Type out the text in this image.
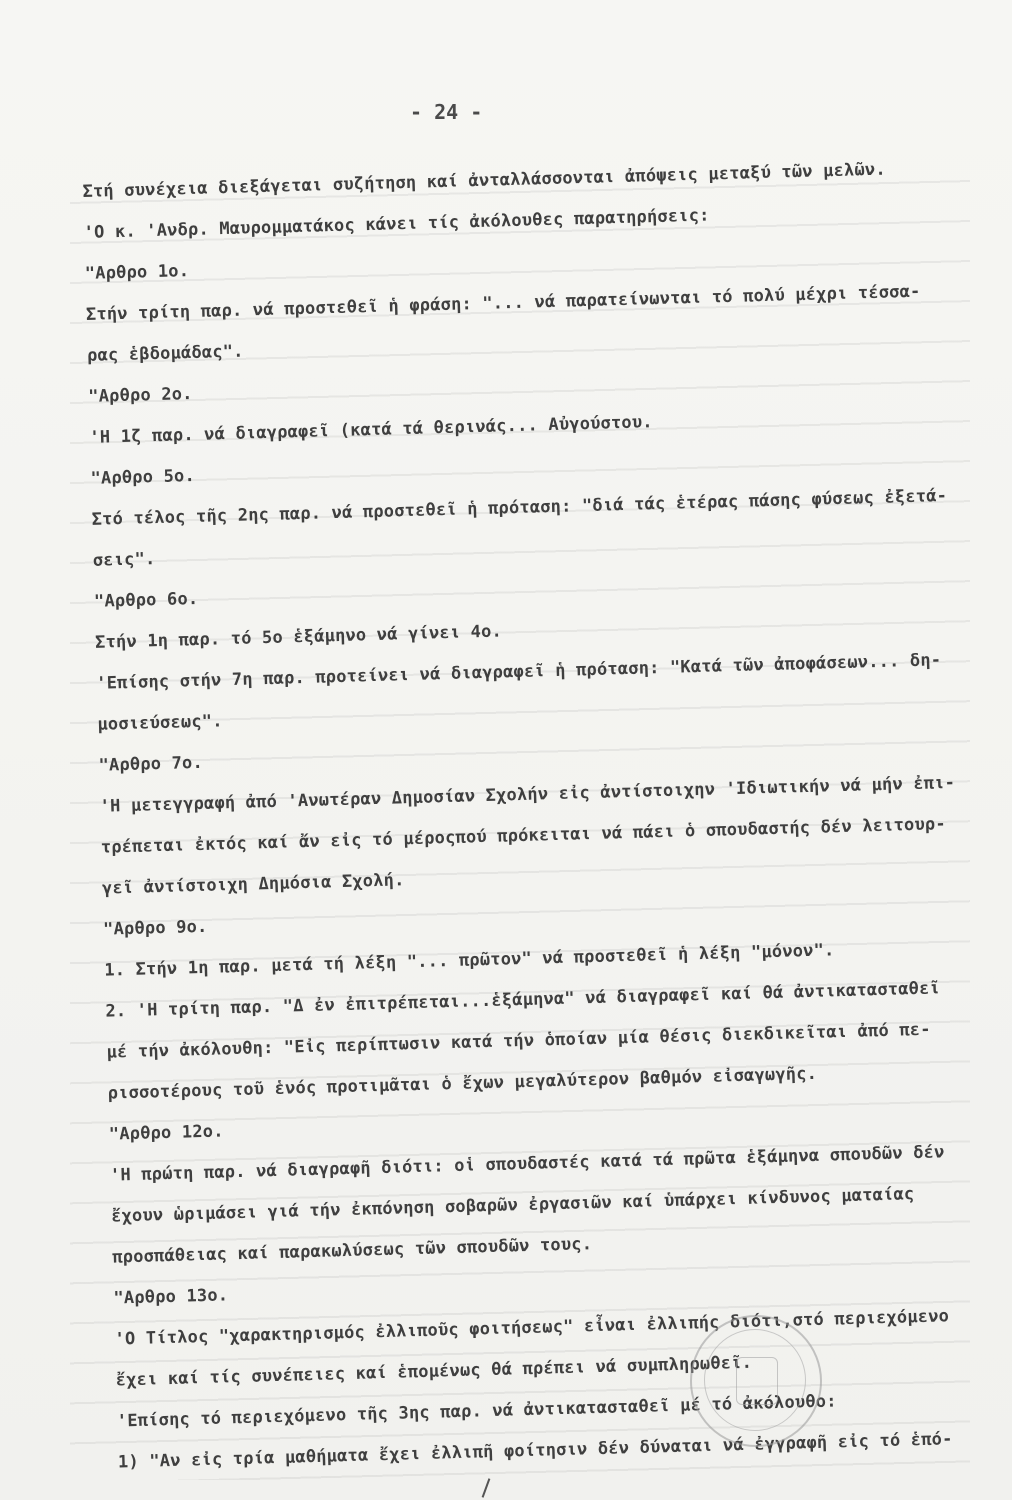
- 24 -
Στή συνέχεια διεξάγεται συζήτηση καί ἀνταλλάσσονται ἀπόψεις μεταξύ τῶν μελῶν.
'Ο κ. 'Ανδρ. Μαυρομματάκος κάνει τίς ἀκόλουθες παρατηρήσεις:
"Αρθρο 1ο.
Στήν τρίτη παρ. νά προστεθεῖ ἡ φράση: "... νά παρατείνωνται τό πολύ μέχρι τέσσα-
ρας ἑβδομάδας".
"Αρθρο 2ο.
'Η 1ζ παρ. νά διαγραφεῖ (κατά τά θερινάς... Αὐγούστου.
"Αρθρο 5ο.
Στό τέλος τῆς 2ης παρ. νά προστεθεῖ ἡ πρόταση: "διά τάς ἑτέρας πάσης φύσεως ἐξετά-
σεις".
"Αρθρο 6ο.
Στήν 1η παρ. τό 5ο ἑξάμηνο νά γίνει 4ο.
'Επίσης στήν 7η παρ. προτείνει νά διαγραφεῖ ἡ πρόταση: "Κατά τῶν ἀποφάσεων... δη-
μοσιεύσεως".
"Αρθρο 7ο.
'Η μετεγγραφή ἀπό 'Ανωτέραν Δημοσίαν Σχολήν εἰς ἀντίστοιχην 'Ιδιωτικήν νά μήν ἐπι-
τρέπεται ἐκτός καί ἄν εἰς τό μέροςπού πρόκειται νά πάει ὁ σπουδαστής δέν λειτουρ-
γεῖ ἀντίστοιχη Δημόσια Σχολή.
"Αρθρο 9ο.
1. Στήν 1η παρ. μετά τή λέξη "... πρῶτον" νά προστεθεῖ ἡ λέξη "μόνον".
2. 'Η τρίτη παρ. "Δ ἐν ἐπιτρέπεται...ἑξάμηνα" νά διαγραφεῖ καί θά ἀντικατασταθεῖ
μέ τήν ἀκόλουθη: "Εἰς περίπτωσιν κατά τήν ὁποίαν μία θέσις διεκδικεῖται ἀπό πε-
ρισσοτέρους τοῦ ἑνός προτιμᾶται ὁ ἔχων μεγαλύτερον βαθμόν εἰσαγωγῆς.
"Αρθρο 12ο.
'Η πρώτη παρ. νά διαγραφῆ διότι: οἱ σπουδαστές κατά τά πρῶτα ἑξάμηνα σπουδῶν δέν
ἔχουν ὡριμάσει γιά τήν ἐκπόνηση σοβαρῶν ἐργασιῶν καί ὑπάρχει κίνδυνος ματαίας
προσπάθειας καί παρακωλύσεως τῶν σπουδῶν τους.
"Αρθρο 13ο.
'Ο Τίτλος "χαρακτηρισμός ἐλλιποῦς φοιτήσεως" εἶναι ἐλλιπής διότι,στό περιεχόμενο
ἔχει καί τίς συνέπειες καί ἑπομένως θά πρέπει νά συμπληρωθεῖ.
'Επίσης τό περιεχόμενο τῆς 3ης παρ. νά ἀντικατασταθεῖ μέ τό ἀκόλουθο:
1) "Αν εἰς τρία μαθήματα ἔχει ἐλλιπῆ φοίτησιν δέν δύναται νά ἐγγραφῆ εἰς τό ἑπό-
